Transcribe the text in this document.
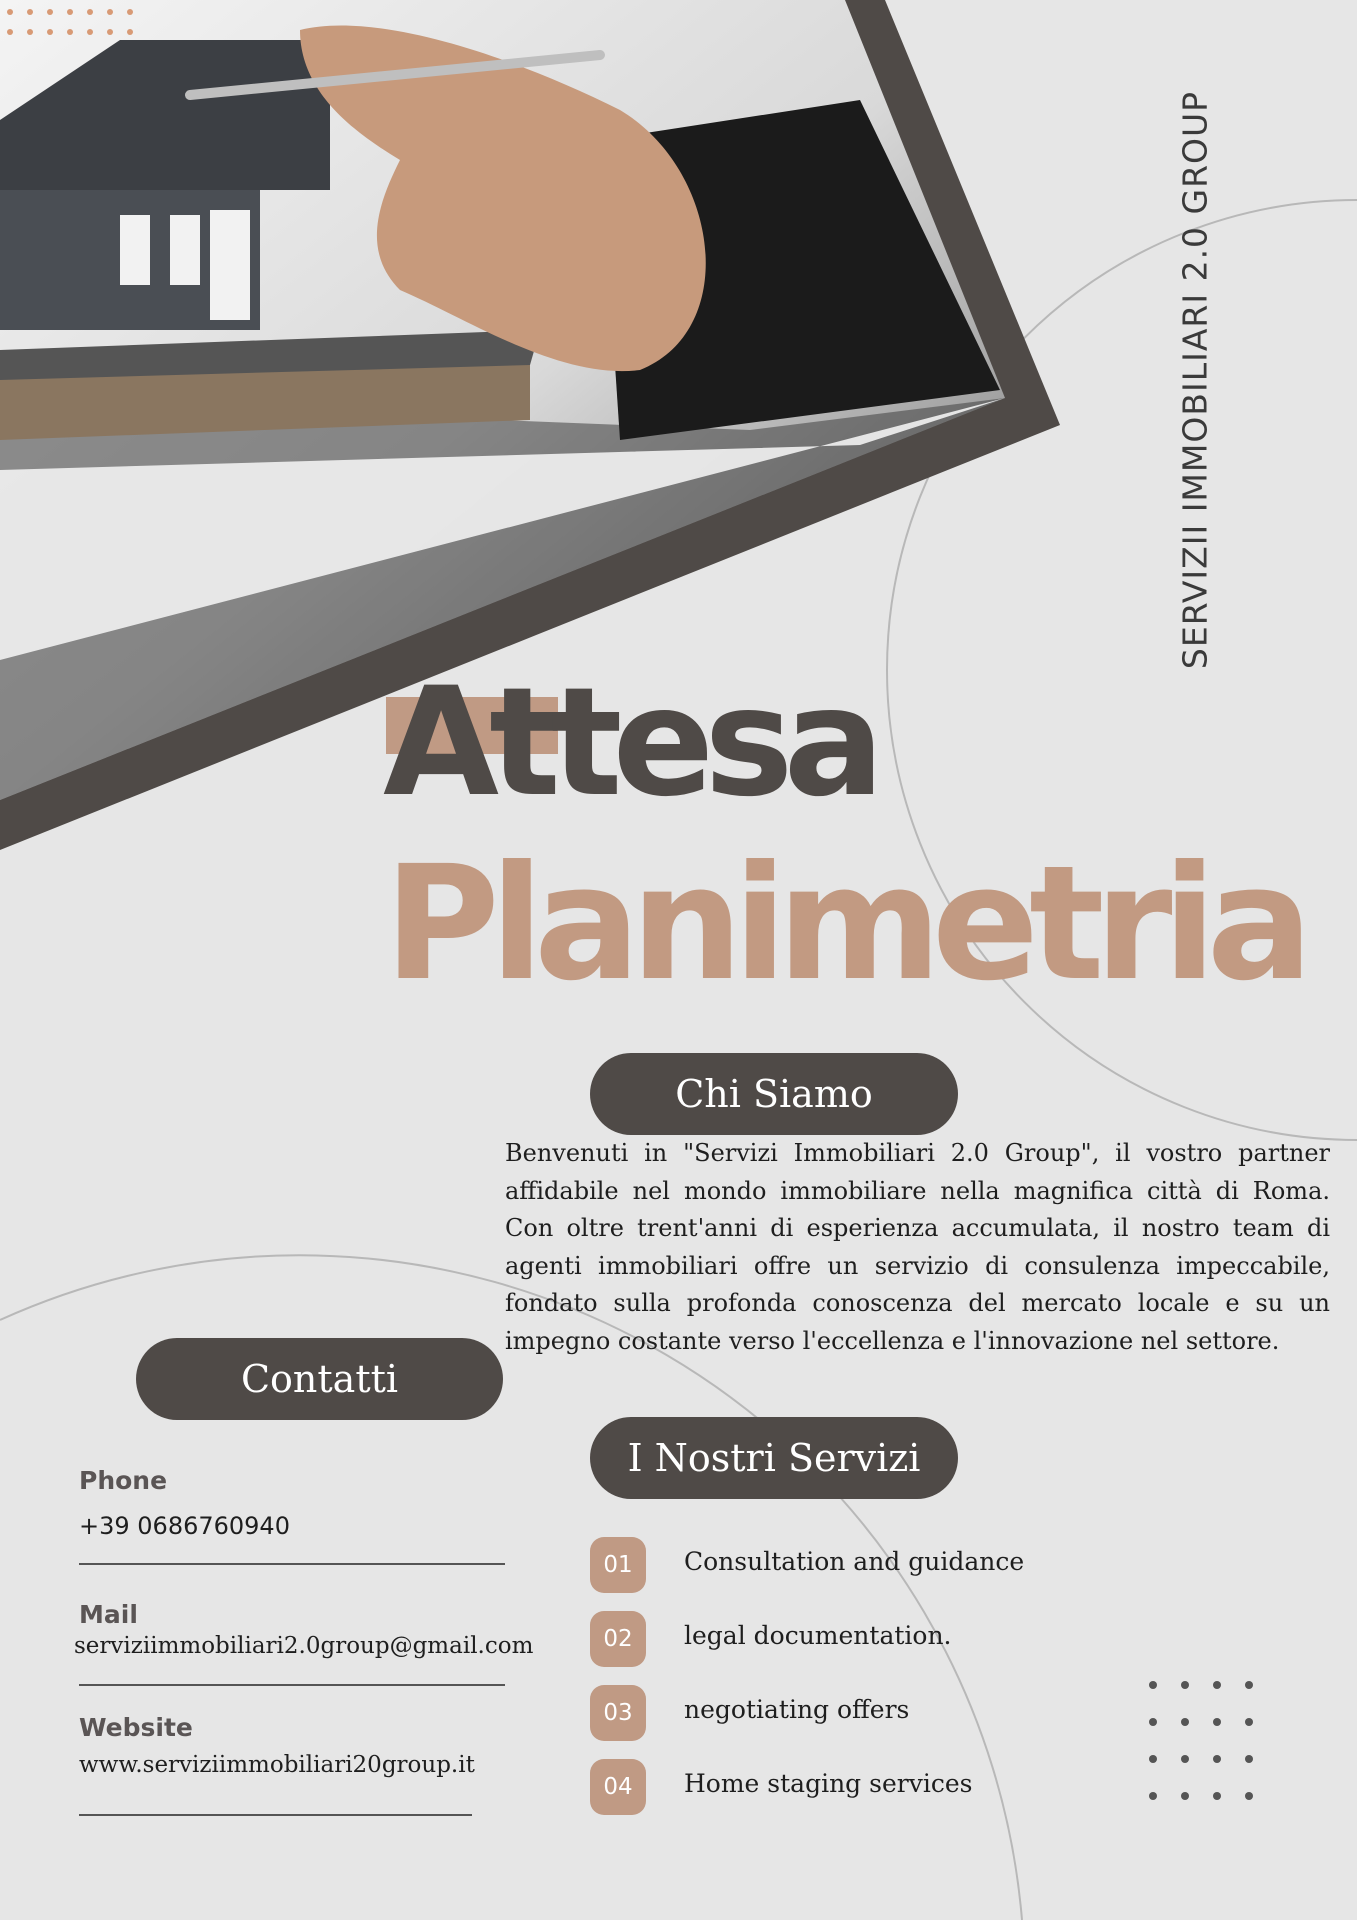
SERVIZII IMMOBILIARI 2.0 GROUP
Attesa
Planimetria
Chi Siamo
Benvenuti in "Servizi Immobiliari 2.0 Group", il vostro partner affidabile nel mondo immobiliare nella magnifica città di Roma. Con oltre trent'anni di esperienza accumulata, il nostro team di agenti immobiliari offre un servizio di consulenza impeccabile, fondato sulla profonda conoscenza del mercato locale e su un impegno costante verso l'eccellenza e l'innovazione nel settore.
Contatti
I Nostri Servizi
Phone
+39 0686760940
Mail
serviziimmobiliari2.0group@gmail.com
Website
www.serviziimmobiliari20group.it
01	Consultation and guidance
02	legal documentation.
03	negotiating offers
04	Home staging services
